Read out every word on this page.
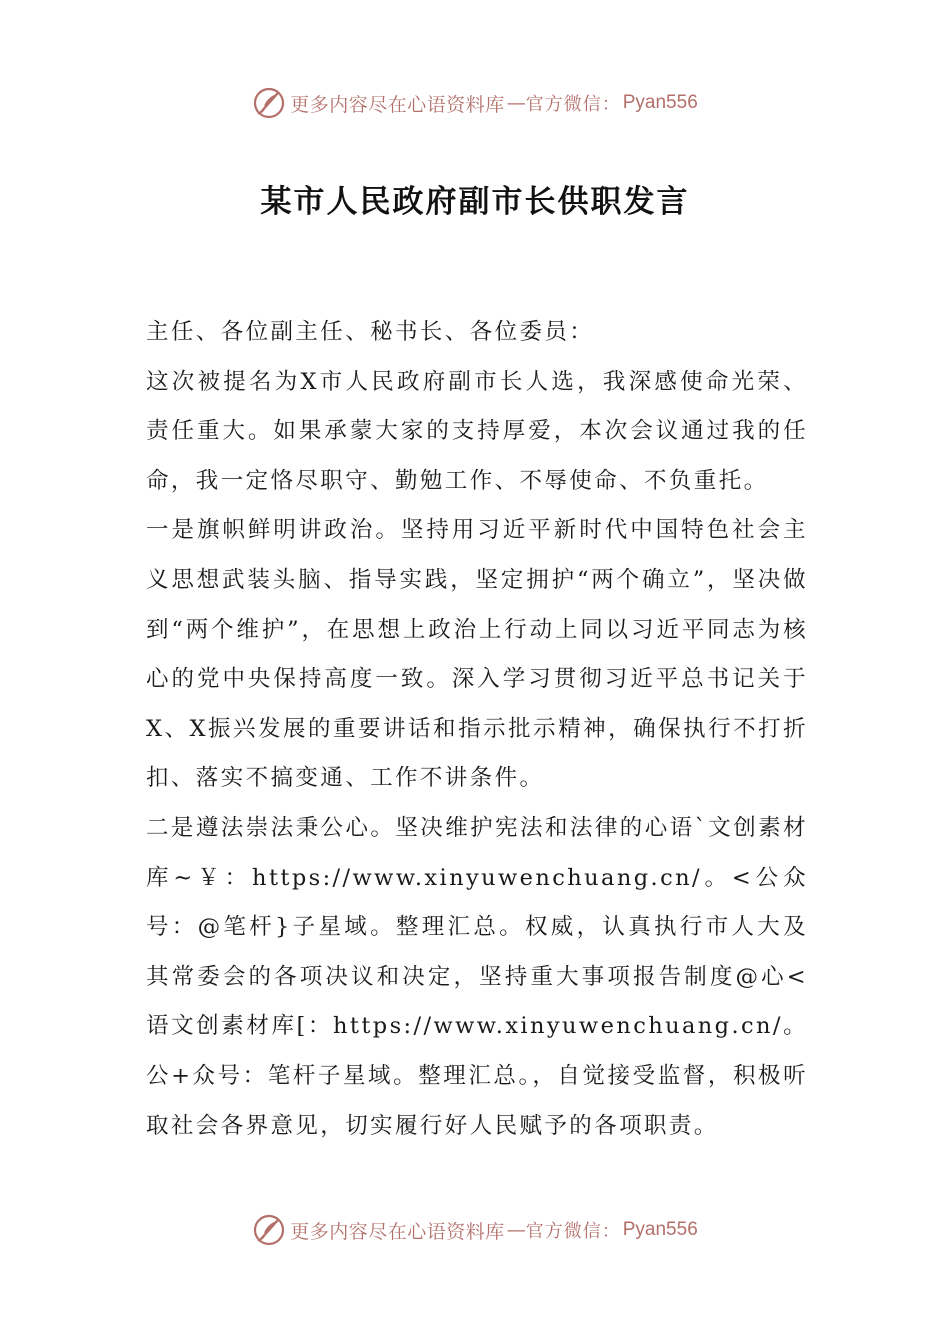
更多内容尽在心语资料库 — 官方微信： Pyan556
某市人民政府副市长供职发言

主任、各位副主任、秘书长、各位委员：

这次被提名为X市人民政府副市长人选，我深感使命光荣、责任重大。如果承蒙大家的支持厚爱，本次会议通过我的任命，我一定恪尽职守、勤勉工作、不辱使命、不负重托。

一是旗帜鲜明讲政治。坚持用习近平新时代中国特色社会主义思想武装头脑、指导实践，坚定拥护“两个确立”，坚决做到“两个维护”，在思想上政治上行动上同以习近平同志为核心的党中央保持高度一致。深入学习贯彻习近平总书记关于X、X振兴发展的重要讲话和指示批示精神，确保执行不打折扣、落实不搞变通、工作不讲条件。

二是遵法崇法秉公心。坚决维护宪法和法律的心语`文创素材库~￥：https://www.xinyuwenchuang.cn/。<公众号：@笔杆}子星域。整理汇总。权威，认真执行市人大及其常委会的各项决议和决定，坚持重大事项报告制度@心<语文创素材库[：https://www.xinyuwenchuang.cn/。公+众号：笔杆子星域。整理汇总。，自觉接受监督，积极听取社会各界意见，切实履行好人民赋予的各项职责。

更多内容尽在心语资料库 — 官方微信： Pyan556
